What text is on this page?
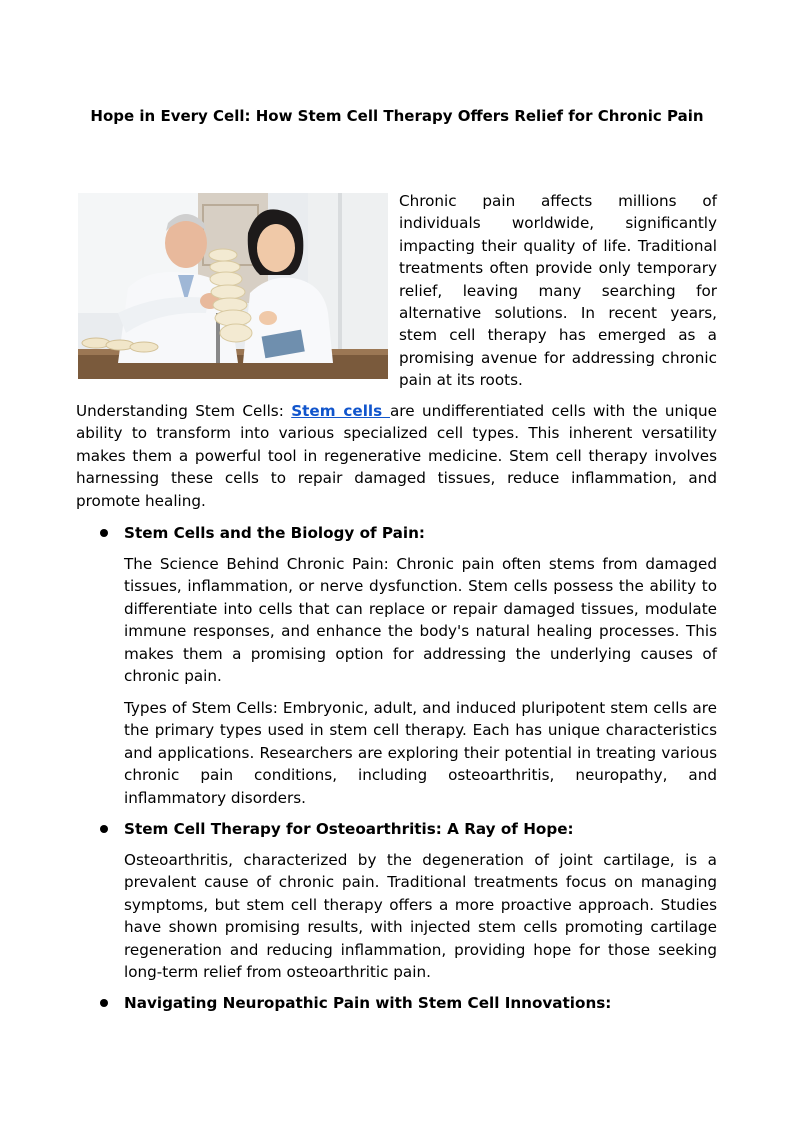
Hope in Every Cell: How Stem Cell Therapy Offers Relief for Chronic Pain

Chronic pain affects millions of individuals worldwide, significantly impacting their quality of life. Traditional treatments often provide only temporary relief, leaving many searching for alternative solutions. In recent years, stem cell therapy has emerged as a promising avenue for addressing chronic pain at its roots.

Understanding Stem Cells: Stem cells are undifferentiated cells with the unique ability to transform into various specialized cell types. This inherent versatility makes them a powerful tool in regenerative medicine. Stem cell therapy involves harnessing these cells to repair damaged tissues, reduce inflammation, and promote healing.

Stem Cells and the Biology of Pain:

The Science Behind Chronic Pain: Chronic pain often stems from damaged tissues, inflammation, or nerve dysfunction. Stem cells possess the ability to differentiate into cells that can replace or repair damaged tissues, modulate immune responses, and enhance the body's natural healing processes. This makes them a promising option for addressing the underlying causes of chronic pain.

Types of Stem Cells: Embryonic, adult, and induced pluripotent stem cells are the primary types used in stem cell therapy. Each has unique characteristics and applications. Researchers are exploring their potential in treating various chronic pain conditions, including osteoarthritis, neuropathy, and inflammatory disorders.

Stem Cell Therapy for Osteoarthritis: A Ray of Hope:

Osteoarthritis, characterized by the degeneration of joint cartilage, is a prevalent cause of chronic pain. Traditional treatments focus on managing symptoms, but stem cell therapy offers a more proactive approach. Studies have shown promising results, with injected stem cells promoting cartilage regeneration and reducing inflammation, providing hope for those seeking long-term relief from osteoarthritic pain.

Navigating Neuropathic Pain with Stem Cell Innovations:
